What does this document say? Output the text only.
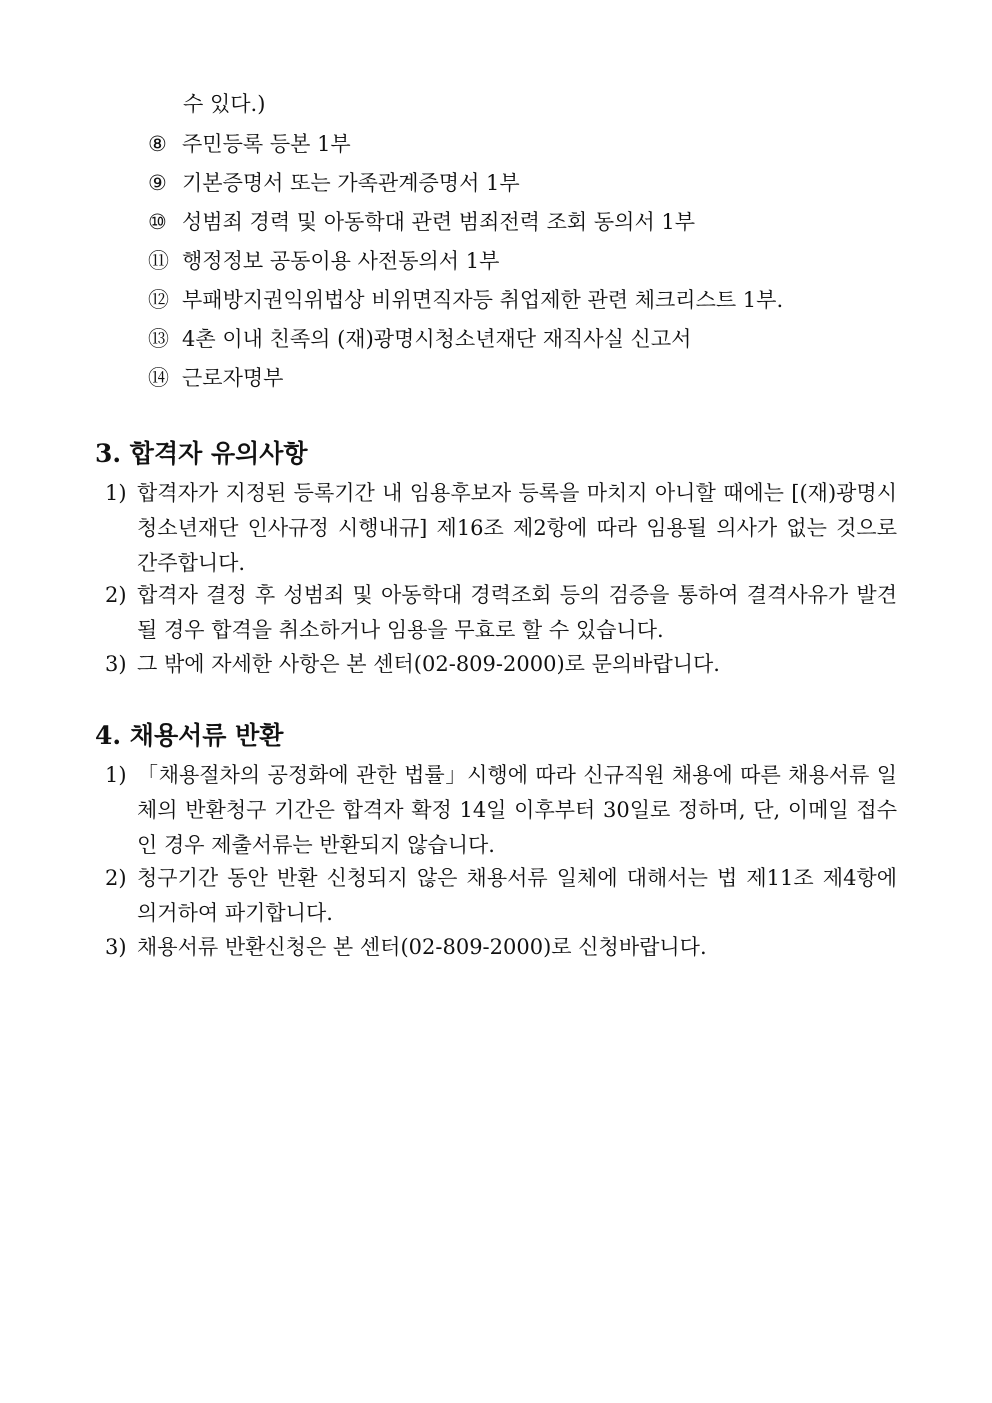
수 있다.)
⑧ 주민등록 등본 1부
⑨ 기본증명서 또는 가족관계증명서 1부
⑩ 성범죄 경력 및 아동학대 관련 범죄전력 조회 동의서 1부
⑪ 행정정보 공동이용 사전동의서 1부
⑫ 부패방지권익위법상 비위면직자등 취업제한 관련 체크리스트 1부.
⑬ 4촌 이내 친족의 (재)광명시청소년재단 재직사실 신고서
⑭ 근로자명부
3. 합격자 유의사항
1) 합격자가 지정된 등록기간 내 임용후보자 등록을 마치지 아니할 때에는 [(재)광명시청소년재단 인사규정 시행내규] 제16조 제2항에 따라 임용될 의사가 없는 것으로 간주합니다.
2) 합격자 결정 후 성범죄 및 아동학대 경력조회 등의 검증을 통하여 결격사유가 발견될 경우 합격을 취소하거나 임용을 무효로 할 수 있습니다.
3) 그 밖에 자세한 사항은 본 센터(02-809-2000)로 문의바랍니다.
4. 채용서류 반환
1) 「채용절차의 공정화에 관한 법률」시행에 따라 신규직원 채용에 따른 채용서류 일체의 반환청구 기간은 합격자 확정 14일 이후부터 30일로 정하며, 단, 이메일 접수인 경우 제출서류는 반환되지 않습니다.
2) 청구기간 동안 반환 신청되지 않은 채용서류 일체에 대해서는 법 제11조 제4항에 의거하여 파기합니다.
3) 채용서류 반환신청은 본 센터(02-809-2000)로 신청바랍니다.
